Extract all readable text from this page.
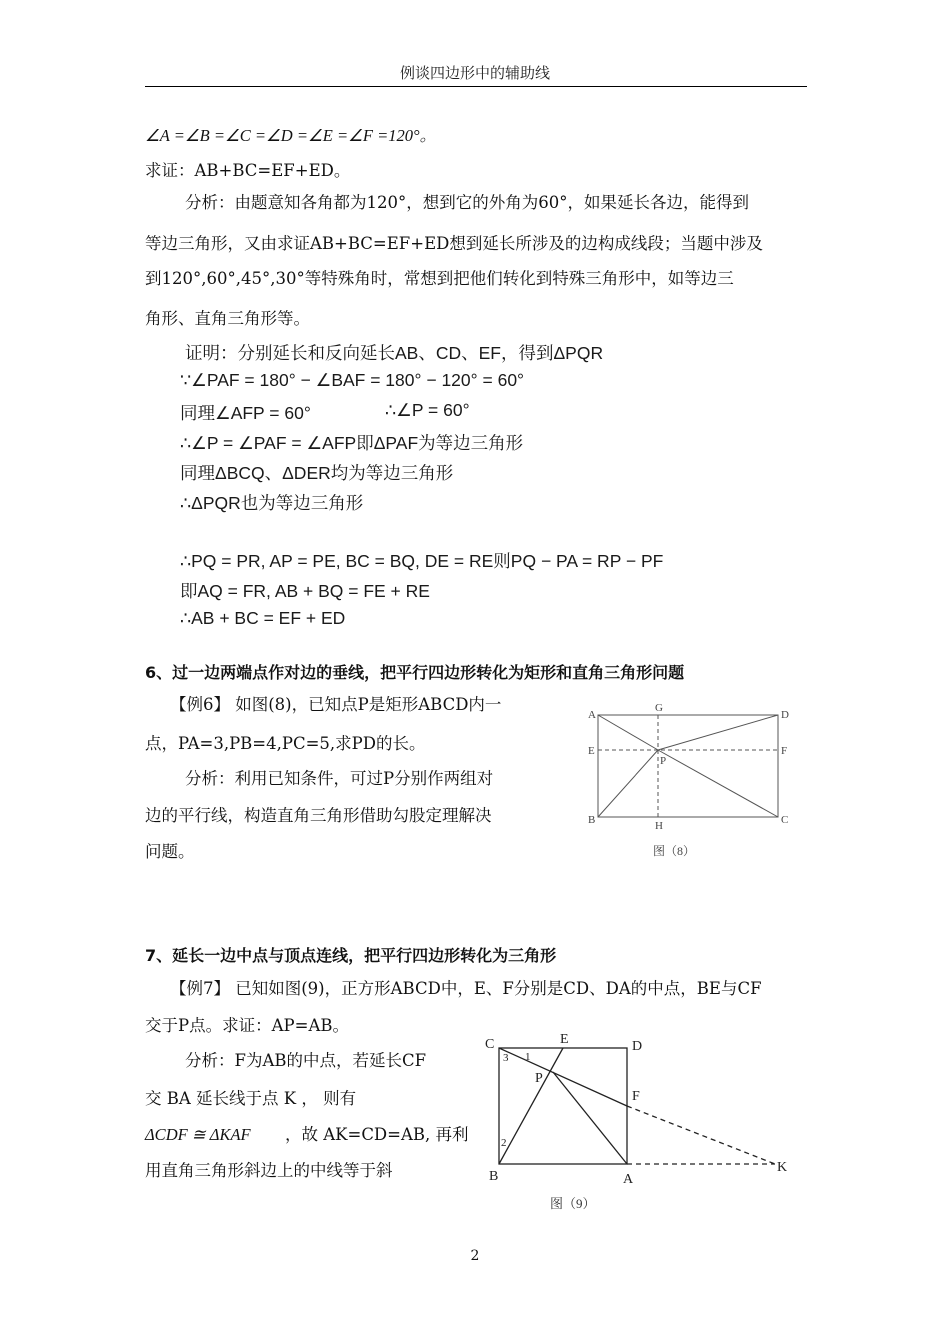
例谈四边形中的辅助线
∠A =∠B =∠C =∠D =∠E =∠F =120°。
求证：AB+BC=EF+ED。
分析：由题意知各角都为120°，想到它的外角为60°，如果延长各边，能得到
等边三角形，又由求证AB+BC=EF+ED想到延长所涉及的边构成线段；当题中涉及
到120°,60°,45°,30°等特殊角时，常想到把他们转化到特殊三角形中，如等边三
角形、直角三角形等。
证明：分别延长和反向延长AB、CD、EF，得到ΔPQR
∵∠PAF = 180° − ∠BAF = 180° − 120° = 60°
同理∠AFP = 60°	∴∠P = 60°
∴∠P = ∠PAF = ∠AFP即ΔPAF为等边三角形
同理ΔBCQ、ΔDER均为等边三角形
∴ΔPQR也为等边三角形
∴PQ = PR, AP = PE, BC = BQ, DE = RE则PQ − PA = RP − PF
即AQ = FR, AB + BQ = FE + RE
∴AB + BC = EF + ED
6、过一边两端点作对边的垂线，把平行四边形转化为矩形和直角三角形问题
【例6】 如图(8)，已知点P是矩形ABCD内一
点，PA=3,PB=4,PC=5,求PD的长。
分析：利用已知条件，可过P分别作两组对
边的平行线，构造直角三角形借助勾股定理解决
问题。
A
B	C
D
E	F
G
H
P
图（8）
7、延长一边中点与顶点连线，把平行四边形转化为三角形
【例7】 已知如图(9)，正方形ABCD中，E、F分别是CD、DA的中点，BE与CF
交于P点。求证：AP=AB。
分析：F为AB的中点，若延长CF
交 BA 延长线于点 K ， 则有
ΔCDF ≅ ΔKAF ，故 AK=CD=AB, 再利
用直角三角形斜边上的中线等于斜
C	E	D
F
P
B	A
K
1
2
3
图（9）
2
